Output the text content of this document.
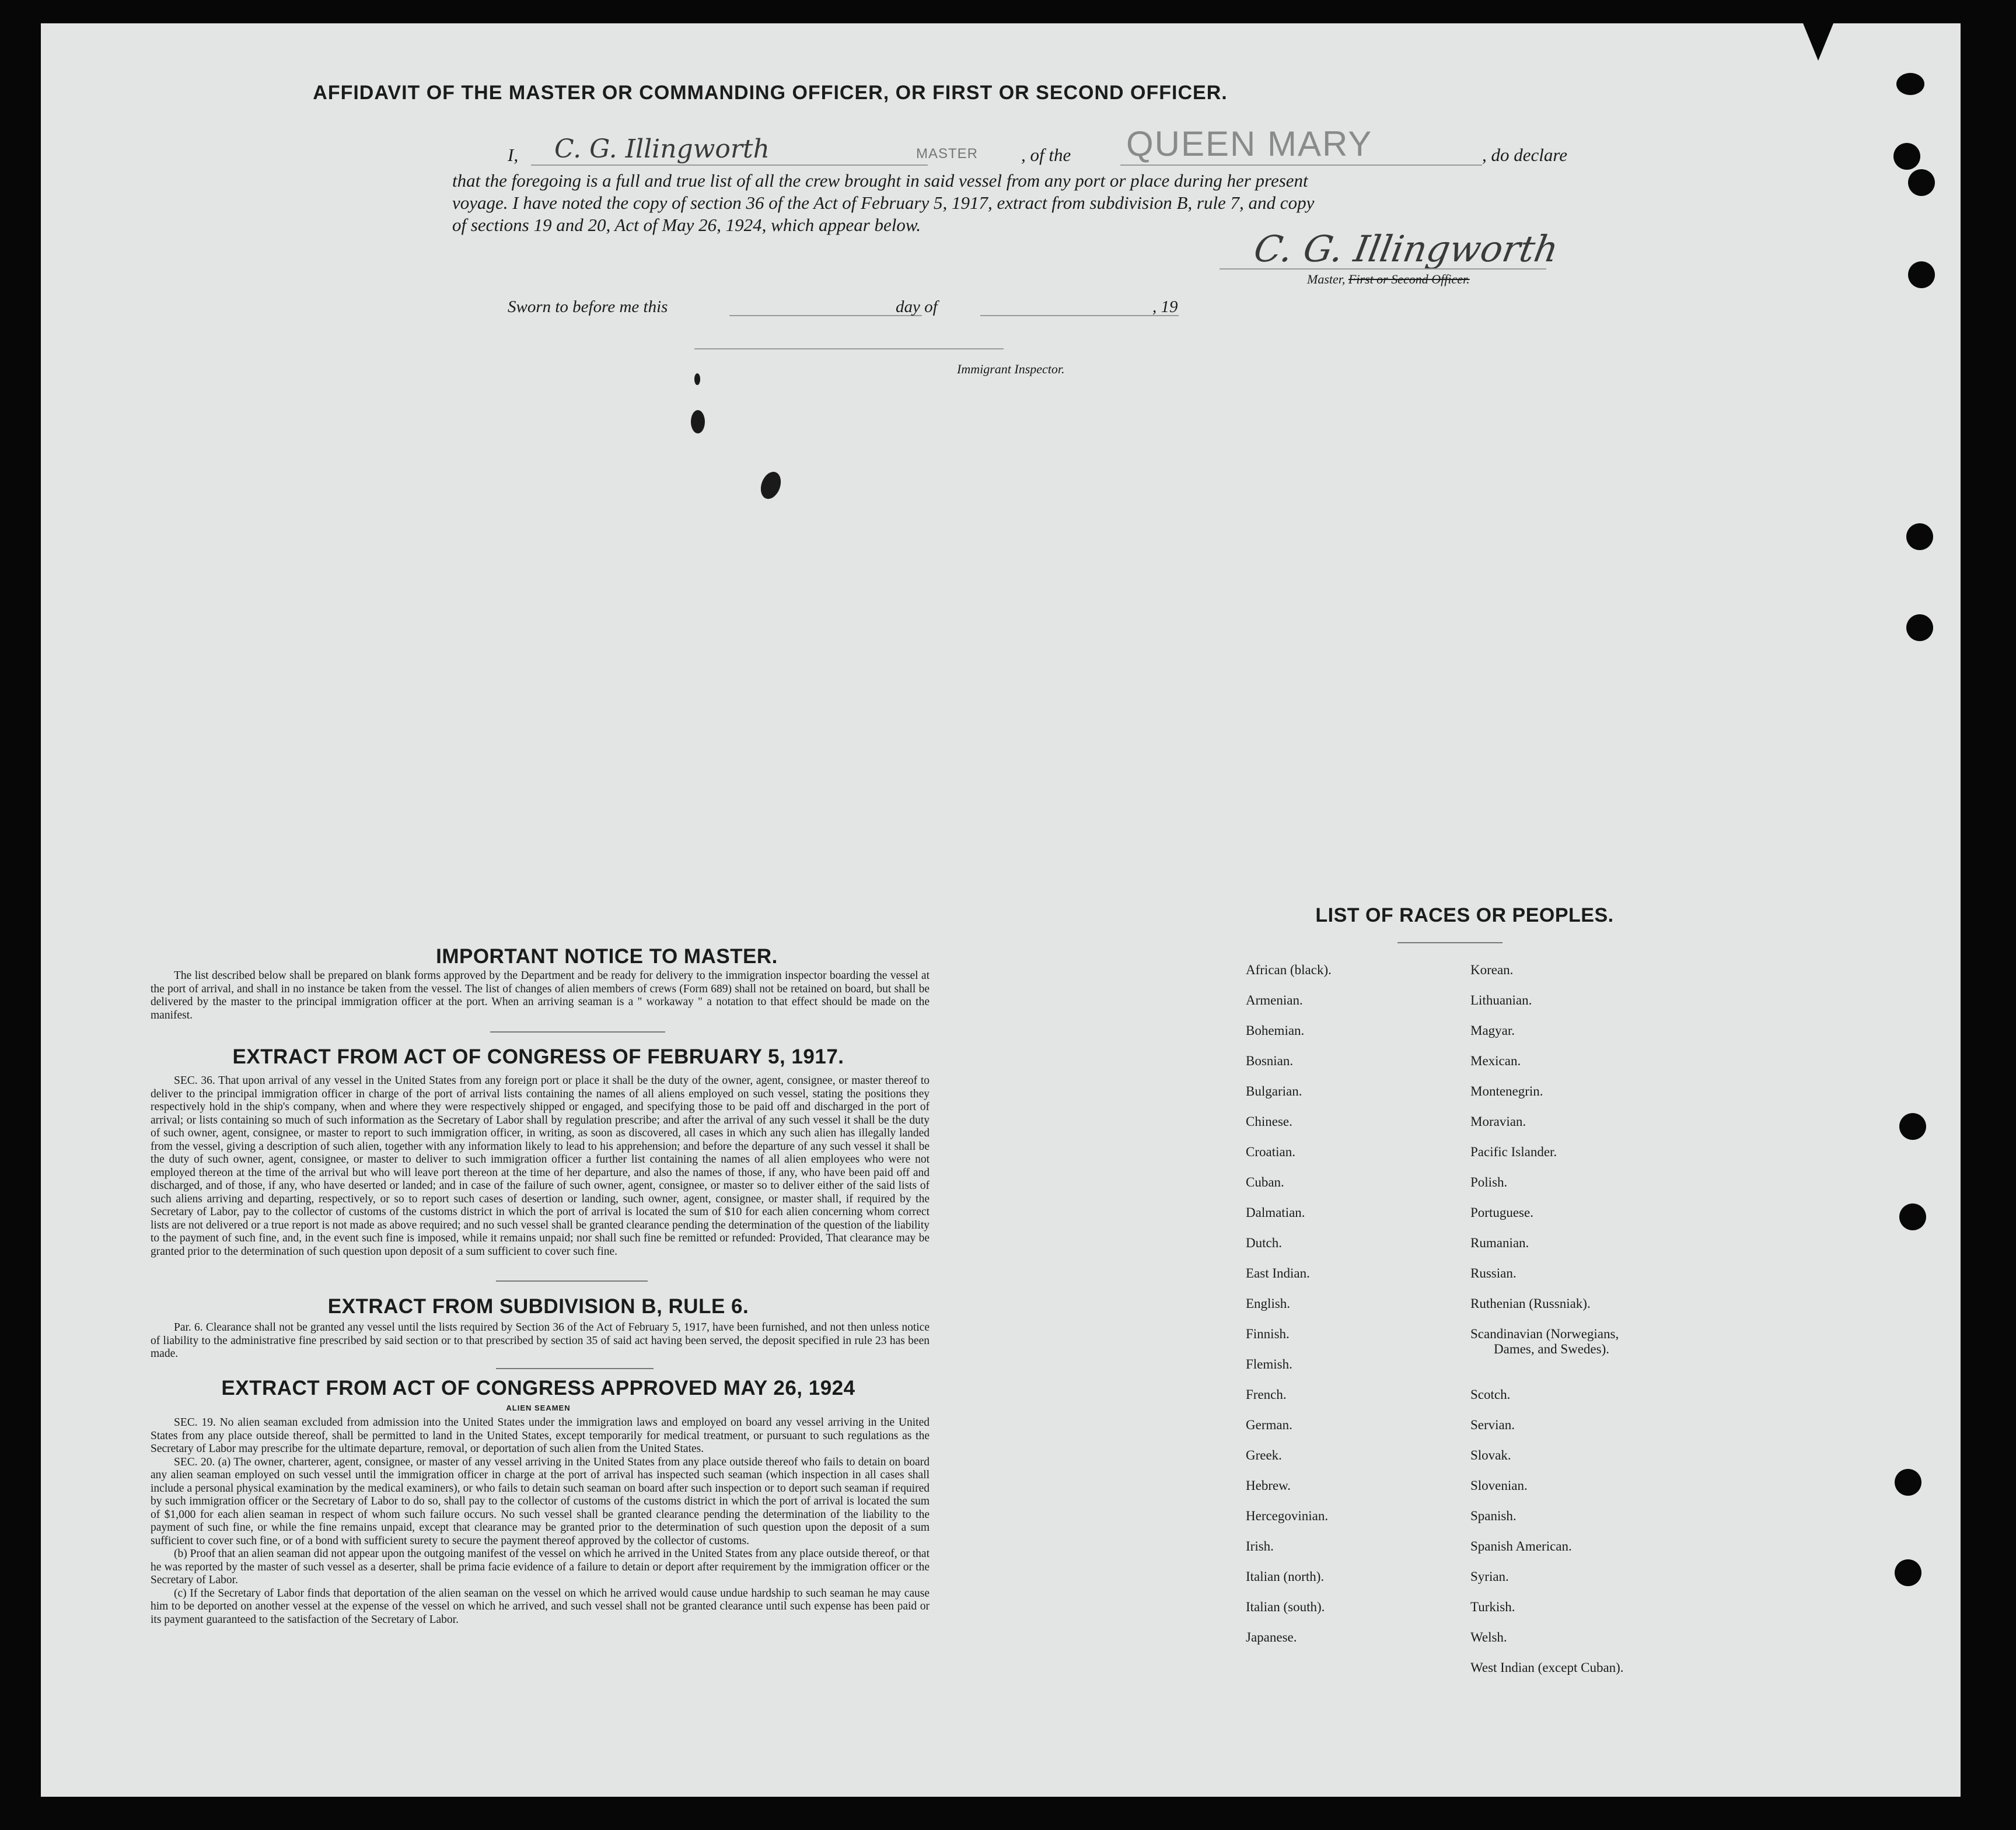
AFFIDAVIT OF THE MASTER OR COMMANDING OFFICER, OR FIRST OR SECOND OFFICER.
I, C. G. Illingworth	MASTER , of the QUEEN MARY	, do declare
that the foregoing is a full and true list of all the crew brought in said vessel from any port or place during her present
voyage. I have noted the copy of section 36 of the Act of February 5, 1917, extract from subdivision B, rule 7, and copy
of sections 19 and 20, Act of May 26, 1924, which appear below.
C. G. Illingworth
Master, First or Second Officer.
Sworn to before me this	day of	, 19
Immigrant Inspector.
IMPORTANT NOTICE TO MASTER.
The list described below shall be prepared on blank forms approved by the Department and be ready for delivery to the immigration inspector boarding the vessel at the port of arrival, and shall in no instance be taken from the vessel. The list of changes of alien members of crews (Form 689) shall not be retained on board, but shall be delivered by the master to the principal immigration officer at the port. When an arriving seaman is a " workaway " a notation to that effect should be made on the manifest.
EXTRACT FROM ACT OF CONGRESS OF FEBRUARY 5, 1917.
SEC. 36. That upon arrival of any vessel in the United States from any foreign port or place it shall be the duty of the owner, agent, consignee, or master thereof to deliver to the principal immigration officer in charge of the port of arrival lists containing the names of all aliens employed on such vessel, stating the positions they respectively hold in the ship's company, when and where they were respectively shipped or engaged, and specifying those to be paid off and discharged in the port of arrival; or lists containing so much of such information as the Secretary of Labor shall by regulation prescribe; and after the arrival of any such vessel it shall be the duty of such owner, agent, consignee, or master to report to such immigration officer, in writing, as soon as discovered, all cases in which any such alien has illegally landed from the vessel, giving a description of such alien, together with any information likely to lead to his apprehension; and before the departure of any such vessel it shall be the duty of such owner, agent, consignee, or master to deliver to such immigration officer a further list containing the names of all alien employees who were not employed thereon at the time of the arrival but who will leave port thereon at the time of her departure, and also the names of those, if any, who have been paid off and discharged, and of those, if any, who have deserted or landed; and in case of the failure of such owner, agent, consignee, or master so to deliver either of the said lists of such aliens arriving and departing, respectively, or so to report such cases of desertion or landing, such owner, agent, consignee, or master shall, if required by the Secretary of Labor, pay to the collector of customs of the customs district in which the port of arrival is located the sum of $10 for each alien concerning whom correct lists are not delivered or a true report is not made as above required; and no such vessel shall be granted clearance pending the determination of the question of the liability to the payment of such fine, and, in the event such fine is imposed, while it remains unpaid; nor shall such fine be remitted or refunded: Provided, That clearance may be granted prior to the determination of such question upon deposit of a sum sufficient to cover such fine.
EXTRACT FROM SUBDIVISION B, RULE 6.
Par. 6. Clearance shall not be granted any vessel until the lists required by Section 36 of the Act of February 5, 1917, have been furnished, and not then unless notice of liability to the administrative fine prescribed by said section or to that prescribed by section 35 of said act having been served, the deposit specified in rule 23 has been made.
EXTRACT FROM ACT OF CONGRESS APPROVED MAY 26, 1924
ALIEN SEAMEN
SEC. 19. No alien seaman excluded from admission into the United States under the immigration laws and employed on board any vessel arriving in the United States from any place outside thereof, shall be permitted to land in the United States, except temporarily for medical treatment, or pursuant to such regulations as the Secretary of Labor may prescribe for the ultimate departure, removal, or deportation of such alien from the United States.
SEC. 20. (a) The owner, charterer, agent, consignee, or master of any vessel arriving in the United States from any place outside thereof who fails to detain on board any alien seaman employed on such vessel until the immigration officer in charge at the port of arrival has inspected such seaman (which inspection in all cases shall include a personal physical examination by the medical examiners), or who fails to detain such seaman on board after such inspection or to deport such seaman if required by such immigration officer or the Secretary of Labor to do so, shall pay to the collector of customs of the customs district in which the port of arrival is located the sum of $1,000 for each alien seaman in respect of whom such failure occurs. No such vessel shall be granted clearance pending the determination of the liability to the payment of such fine, or while the fine remains unpaid, except that clearance may be granted prior to the determination of such question upon the deposit of a sum sufficient to cover such fine, or of a bond with sufficient surety to secure the payment thereof approved by the collector of customs.
(b) Proof that an alien seaman did not appear upon the outgoing manifest of the vessel on which he arrived in the United States from any place outside thereof, or that he was reported by the master of such vessel as a deserter, shall be prima facie evidence of a failure to detain or deport after requirement by the immigration officer or the Secretary of Labor.
(c) If the Secretary of Labor finds that deportation of the alien seaman on the vessel on which he arrived would cause undue hardship to such seaman he may cause him to be deported on another vessel at the expense of the vessel on which he arrived, and such vessel shall not be granted clearance until such expense has been paid or its payment guaranteed to the satisfaction of the Secretary of Labor.
LIST OF RACES OR PEOPLES.
African (black).
Armenian.
Bohemian.
Bosnian.
Bulgarian.
Chinese.
Croatian.
Cuban.
Dalmatian.
Dutch.
East Indian.
English.
Finnish.
Flemish.
French.
German.
Greek.
Hebrew.
Hercegovinian.
Irish.
Italian (north).
Italian (south).
Japanese.
Korean.
Lithuanian.
Magyar.
Mexican.
Montenegrin.
Moravian.
Pacific Islander.
Polish.
Portuguese.
Rumanian.
Russian.
Ruthenian (Russniak).
Scandinavian (Norwegians,
Dames, and Swedes).
Scotch.
Servian.
Slovak.
Slovenian.
Spanish.
Spanish American.
Syrian.
Turkish.
Welsh.
West Indian (except Cuban).
